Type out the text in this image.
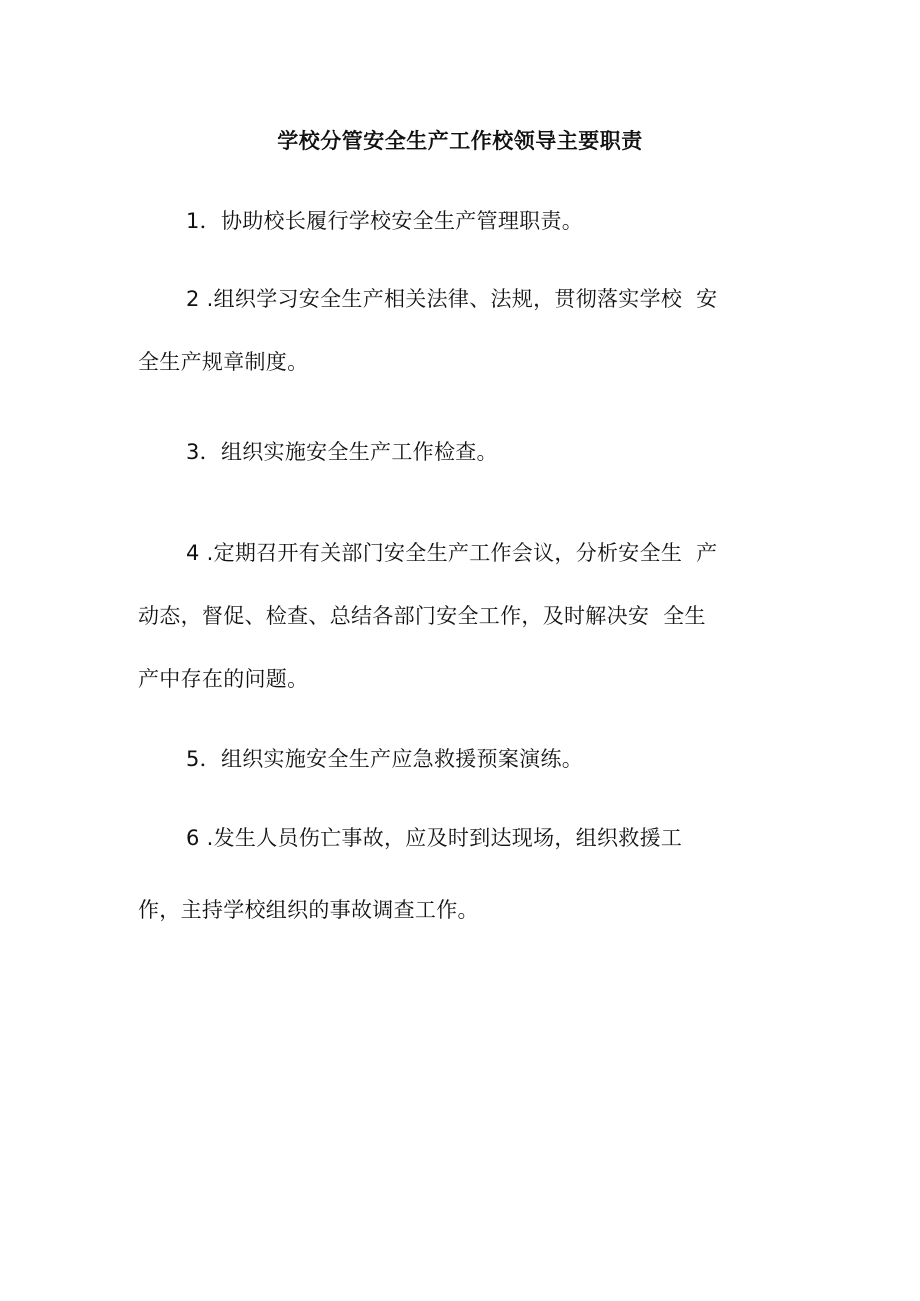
学校分管安全生产工作校领导主要职责
1．协助校长履行学校安全生产管理职责。
2 .组织学习安全生产相关法律、法规，贯彻落实学校  安
全生产规章制度。
3．组织实施安全生产工作检查。
4 .定期召开有关部门安全生产工作会议，分析安全生  产
动态，督促、检查、总结各部门安全工作，及时解决安  全生
产中存在的问题。
5．组织实施安全生产应急救援预案演练。
6 .发生人员伤亡事故，应及时到达现场，组织救援工
作，主持学校组织的事故调查工作。
